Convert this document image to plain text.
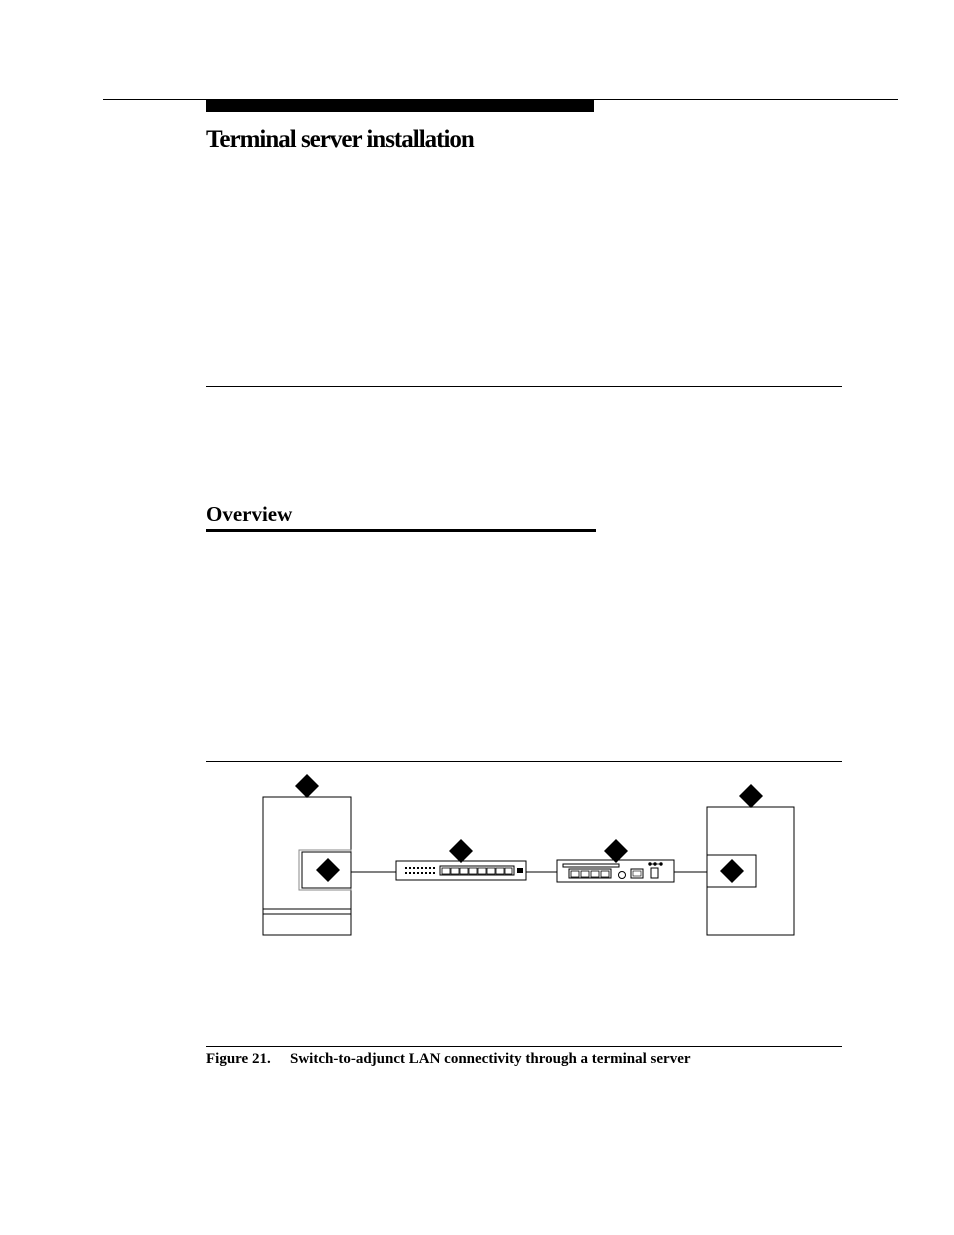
Terminal server installation
Overview

Figure 21. Switch-to-adjunct LAN connectivity through a terminal server
